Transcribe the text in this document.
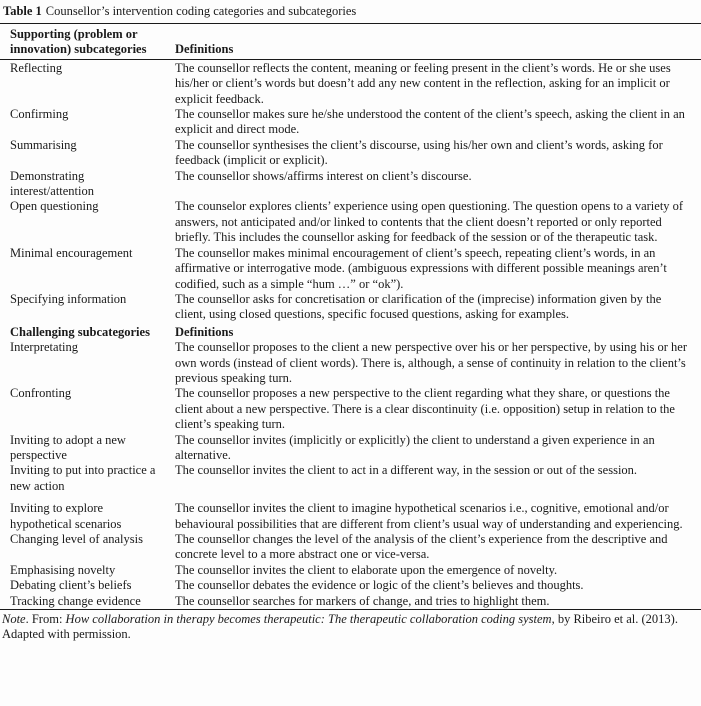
Table 1 Counsellor’s intervention coding categories and subcategories
Supporting (problem or innovation) subcategories	Definitions
Reflecting	The counsellor reflects the content, meaning or feeling present in the client’s words. He or she uses his/her or client’s words but doesn’t add any new content in the reflection, asking for an implicit or explicit feedback.
Confirming	The counsellor makes sure he/she understood the content of the client’s speech, asking the client in an explicit and direct mode.
Summarising	The counsellor synthesises the client’s discourse, using his/her own and client’s words, asking for feedback (implicit or explicit).
Demonstrating interest/attention	The counsellor shows/affirms interest on client’s discourse.
Open questioning	The counselor explores clients’ experience using open questioning. The question opens to a variety of answers, not anticipated and/or linked to contents that the client doesn’t reported or only reported briefly. This includes the counsellor asking for feedback of the session or of the therapeutic task.
Minimal encouragement	The counsellor makes minimal encouragement of client’s speech, repeating client’s words, in an affirmative or interrogative mode. (ambiguous expressions with different possible meanings aren’t codified, such as a simple “hum …” or “ok”).
Specifying information	The counsellor asks for concretisation or clarification of the (imprecise) information given by the client, using closed questions, specific focused questions, asking for examples.
Challenging subcategories	Definitions
Interpretating	The counsellor proposes to the client a new perspective over his or her perspective, by using his or her own words (instead of client words). There is, although, a sense of continuity in relation to the client’s previous speaking turn.
Confronting	The counsellor proposes a new perspective to the client regarding what they share, or questions the client about a new perspective. There is a clear discontinuity (i.e. opposition) setup in relation to the client’s speaking turn.
Inviting to adopt a new perspective	The counsellor invites (implicitly or explicitly) the client to understand a given experience in an alternative.
Inviting to put into practice a new action	The counsellor invites the client to act in a different way, in the session or out of the session.
Inviting to explore hypothetical scenarios	The counsellor invites the client to imagine hypothetical scenarios i.e., cognitive, emotional and/or behavioural possibilities that are different from client’s usual way of understanding and experiencing.
Changing level of analysis	The counsellor changes the level of the analysis of the client’s experience from the descriptive and concrete level to a more abstract one or vice-versa.
Emphasising novelty	The counsellor invites the client to elaborate upon the emergence of novelty.
Debating client’s beliefs	The counsellor debates the evidence or logic of the client’s believes and thoughts.
Tracking change evidence	The counsellor searches for markers of change, and tries to highlight them.
Note. From: How collaboration in therapy becomes therapeutic: The therapeutic collaboration coding system, by Ribeiro et al. (2013). Adapted with permission.
